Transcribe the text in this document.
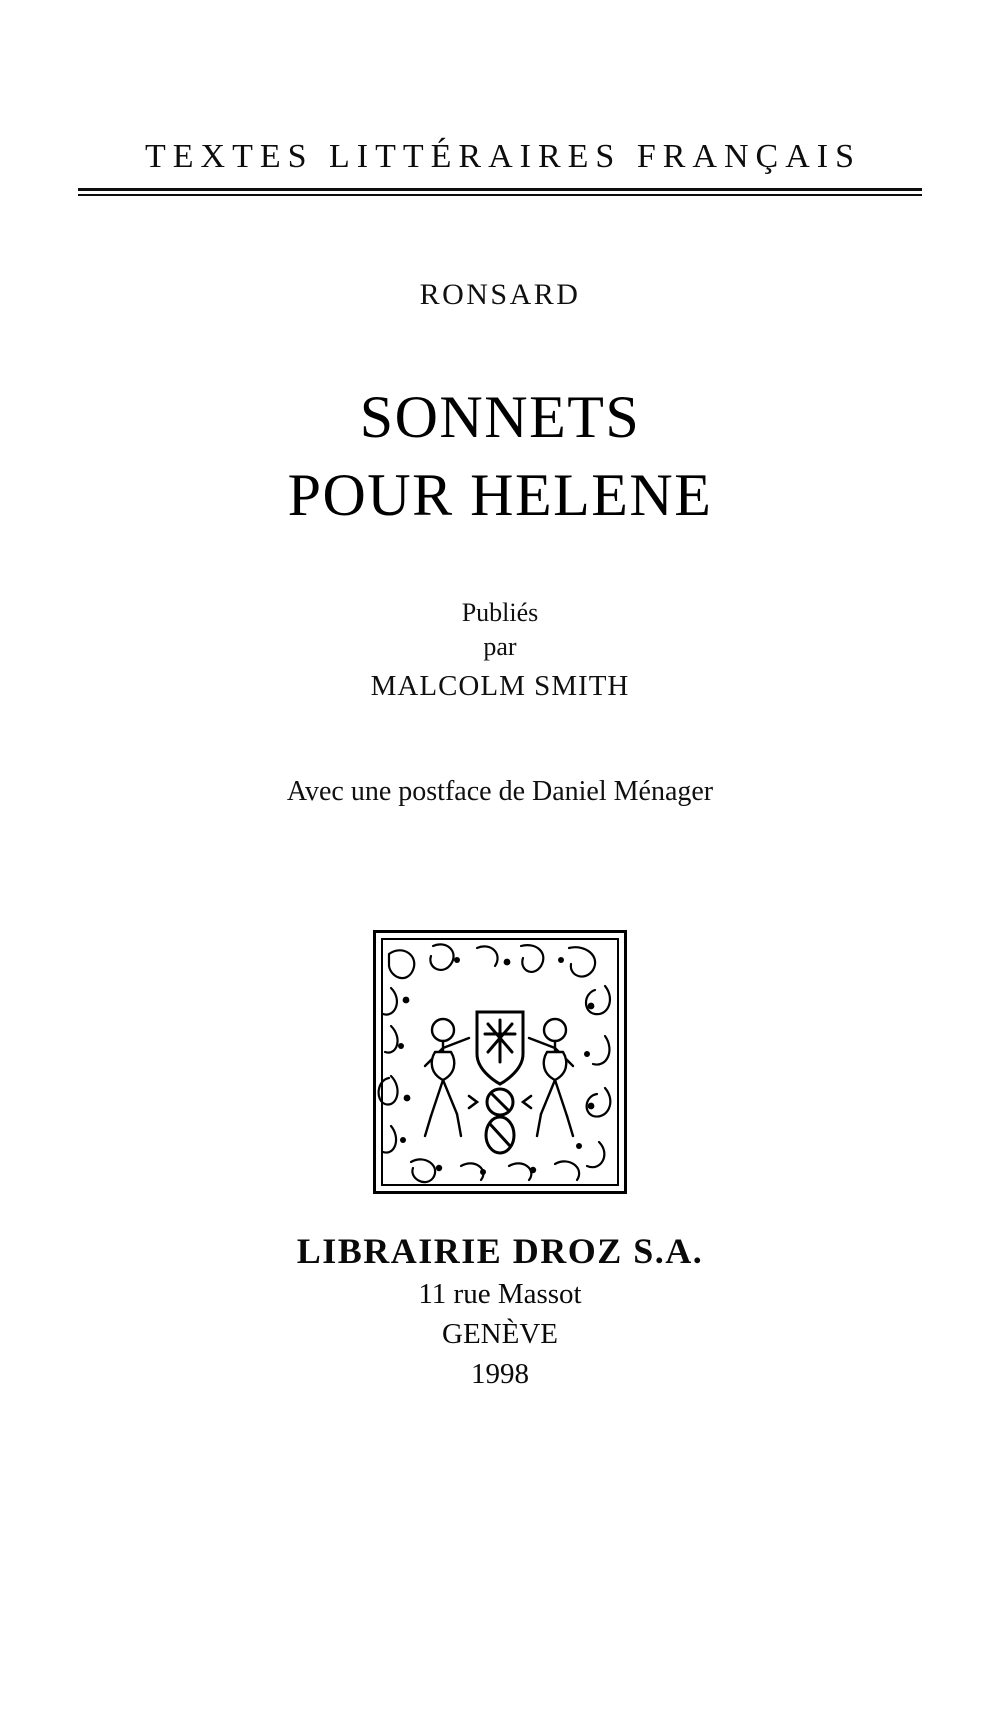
TEXTES LITTÉRAIRES FRANÇAIS
RONSARD
SONNETS
POUR HELENE
Publiés
par
MALCOLM SMITH
Avec une postface de Daniel Ménager
LIBRAIRIE DROZ S.A.
11 rue Massot
GENÈVE
1998
